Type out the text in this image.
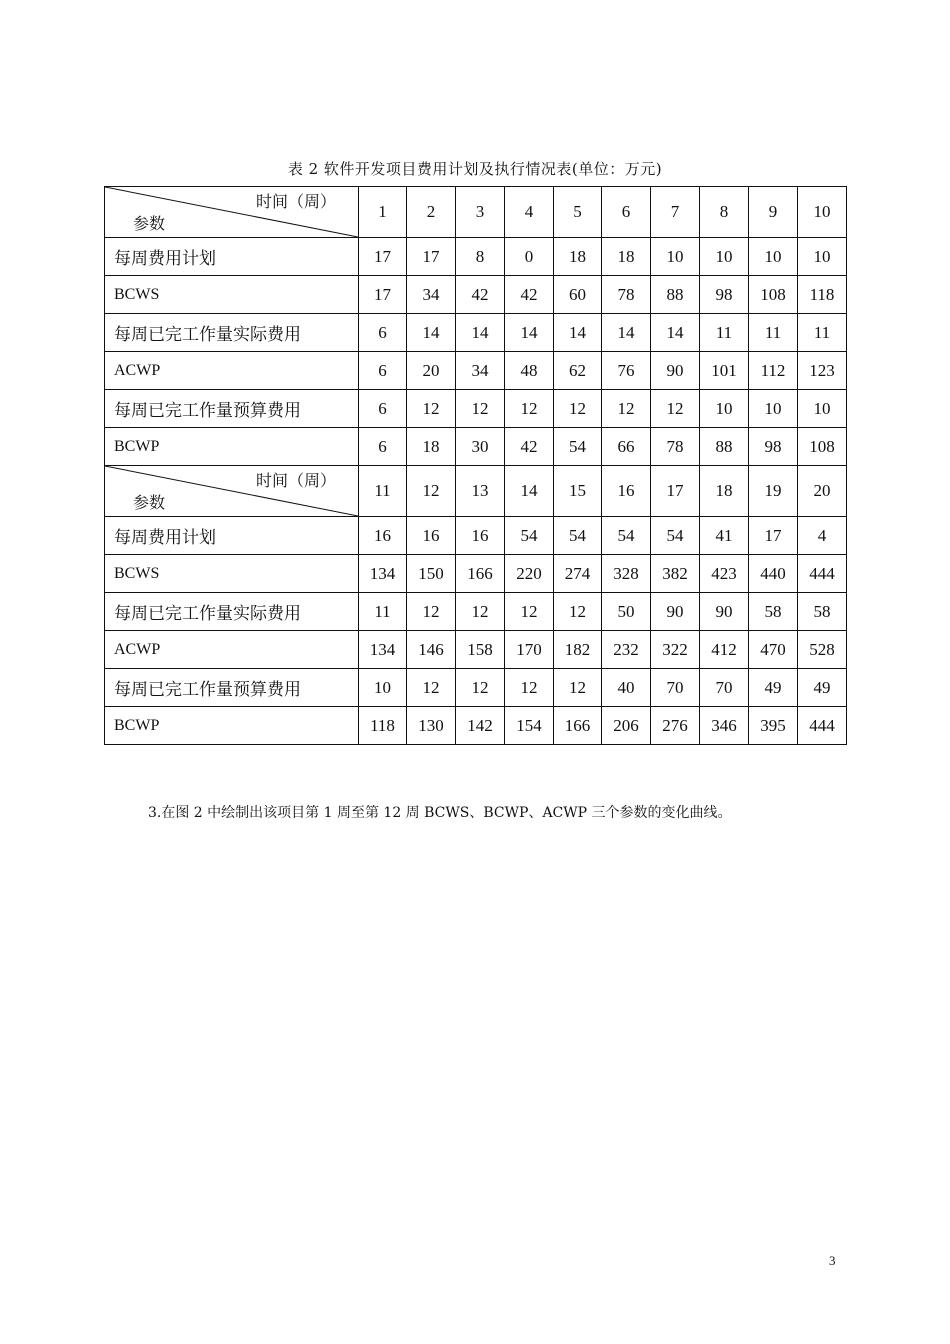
表 2 软件开发项目费用计划及执行情况表(单位：万元)
时间（周）
参数	1	2	3	4	5	6	7	8	9	10
每周费用计划	17	17	8	0	18	18	10	10	10	10
BCWS	17	34	42	42	60	78	88	98	108	118
每周已完工作量实际费用	6	14	14	14	14	14	14	11	11	11
ACWP	6	20	34	48	62	76	90	101	112	123
每周已完工作量预算费用	6	12	12	12	12	12	12	10	10	10
BCWP	6	18	30	42	54	66	78	88	98	108

时间（周）
参数	11	12	13	14	15	16	17	18	19	20
每周费用计划	16	16	16	54	54	54	54	41	17	4
BCWS	134	150	166	220	274	328	382	423	440	444
每周已完工作量实际费用	11	12	12	12	12	50	90	90	58	58
ACWP	134	146	158	170	182	232	322	412	470	528
每周已完工作量预算费用	10	12	12	12	12	40	70	70	49	49
BCWP	118	130	142	154	166	206	276	346	395	444
3.在图 2 中绘制出该项目第 1 周至第 12 周 BCWS、BCWP、ACWP 三个参数的变化曲线。
3
